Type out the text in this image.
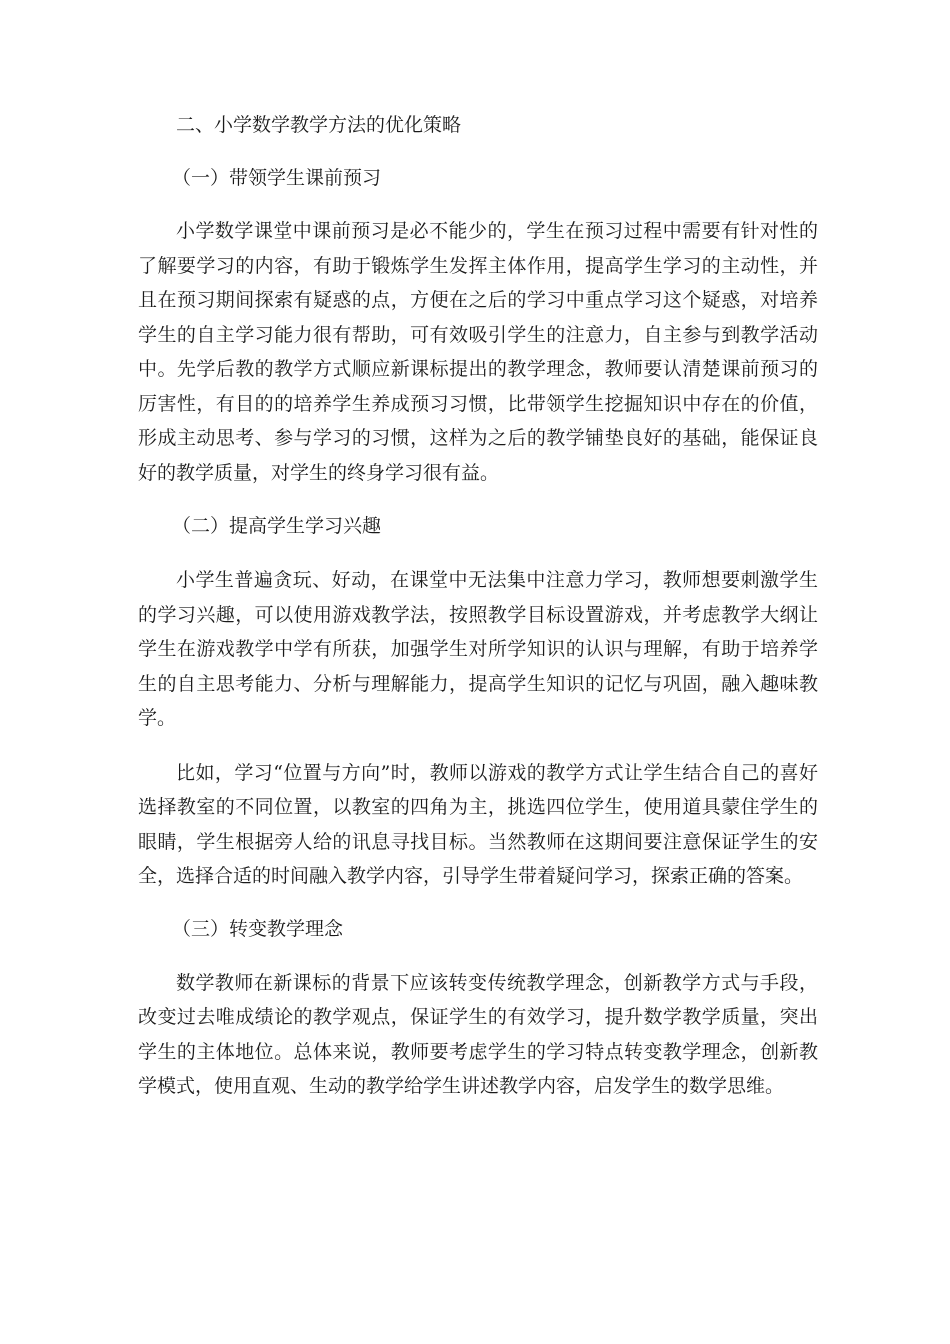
二、小学数学教学方法的优化策略
（一）带领学生课前预习

小学数学课堂中课前预习是必不能少的，学生在预习过程中需要有针对性的了解要学习的内容，有助于锻炼学生发挥主体作用，提高学生学习的主动性，并且在预习期间探索有疑惑的点，方便在之后的学习中重点学习这个疑惑，对培养学生的自主学习能力很有帮助，可有效吸引学生的注意力，自主参与到教学活动中。先学后教的教学方式顺应新课标提出的教学理念，教师要认清楚课前预习的厉害性，有目的的培养学生养成预习习惯，比带领学生挖掘知识中存在的价值，形成主动思考、参与学习的习惯，这样为之后的教学铺垫良好的基础，能保证良好的教学质量，对学生的终身学习很有益。

（二）提高学生学习兴趣

小学生普遍贪玩、好动，在课堂中无法集中注意力学习，教师想要刺激学生的学习兴趣，可以使用游戏教学法，按照教学目标设置游戏，并考虑教学大纲让学生在游戏教学中学有所获，加强学生对所学知识的认识与理解，有助于培养学生的自主思考能力、分析与理解能力，提高学生知识的记忆与巩固，融入趣味教学。

比如，学习“位置与方向”时，教师以游戏的教学方式让学生结合自己的喜好选择教室的不同位置，以教室的四角为主，挑选四位学生，使用道具蒙住学生的眼睛，学生根据旁人给的讯息寻找目标。当然教师在这期间要注意保证学生的安全，选择合适的时间融入教学内容，引导学生带着疑问学习，探索正确的答案。

（三）转变教学理念

数学教师在新课标的背景下应该转变传统教学理念，创新教学方式与手段，改变过去唯成绩论的教学观点，保证学生的有效学习，提升数学教学质量，突出学生的主体地位。总体来说，教师要考虑学生的学习特点转变教学理念，创新教学模式，使用直观、生动的教学给学生讲述教学内容，启发学生的数学思维。
